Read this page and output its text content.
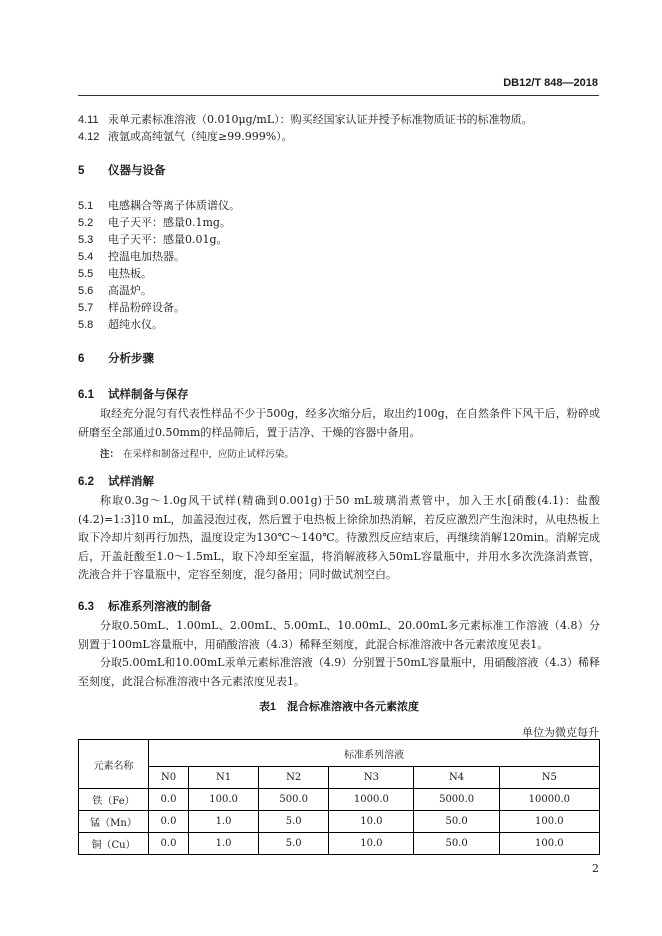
DB12/T 848—2018
4.11 汞单元素标准溶液（0.010μg/mL）：购买经国家认证并授予标准物质证书的标准物质。
4.12 液氩或高纯氩气（纯度≥99.999%）。
5 仪器与设备
5.1 电感耦合等离子体质谱仪。
5.2 电子天平：感量0.1mg。
5.3 电子天平：感量0.01g。
5.4 控温电加热器。
5.5 电热板。
5.6 高温炉。
5.7 样品粉碎设备。
5.8 超纯水仪。
6 分析步骤
6.1 试样制备与保存
取经充分混匀有代表性样品不少于500g，经多次缩分后，取出约100g，在自然条件下风干后，粉碎或研磨至全部通过0.50mm的样品筛后，置于洁净、干燥的容器中备用。
注： 在采样和制备过程中，应防止试样污染。
6.2 试样消解
称取0.3g～1.0g风干试样(精确到0.001g)于50 mL玻璃消煮管中，加入王水[硝酸(4.1)：盐酸(4.2)=1:3]10 mL，加盖浸泡过夜，然后置于电热板上徐徐加热消解，若反应激烈产生泡沫时，从电热板上取下冷却片刻再行加热，温度设定为130℃～140℃。待激烈反应结束后，再继续消解120min。消解完成后，开盖赶酸至1.0～1.5mL，取下冷却至室温，将消解液移入50mL容量瓶中，并用水多次洗涤消煮管，洗液合并于容量瓶中，定容至刻度，混匀备用；同时做试剂空白。
6.3 标准系列溶液的制备
分取0.50mL、1.00mL、2.00mL、5.00mL、10.00mL、20.00mL多元素标准工作溶液（4.8）分别置于100mL容量瓶中，用硝酸溶液（4.3）稀释至刻度，此混合标准溶液中各元素浓度见表1。
分取5.00mL和10.00mL汞单元素标准溶液（4.9）分别置于50mL容量瓶中，用硝酸溶液（4.3）稀释至刻度，此混合标准溶液中各元素浓度见表1。
表1　混合标准溶液中各元素浓度
单位为微克每升
元素名称	标准系列溶液					
	N0	N1	N2	N3	N4	N5
铁（Fe）	0.0	100.0	500.0	1000.0	5000.0	10000.0
锰（Mn）	0.0	1.0	5.0	10.0	50.0	100.0
铜（Cu）	0.0	1.0	5.0	10.0	50.0	100.0
2
